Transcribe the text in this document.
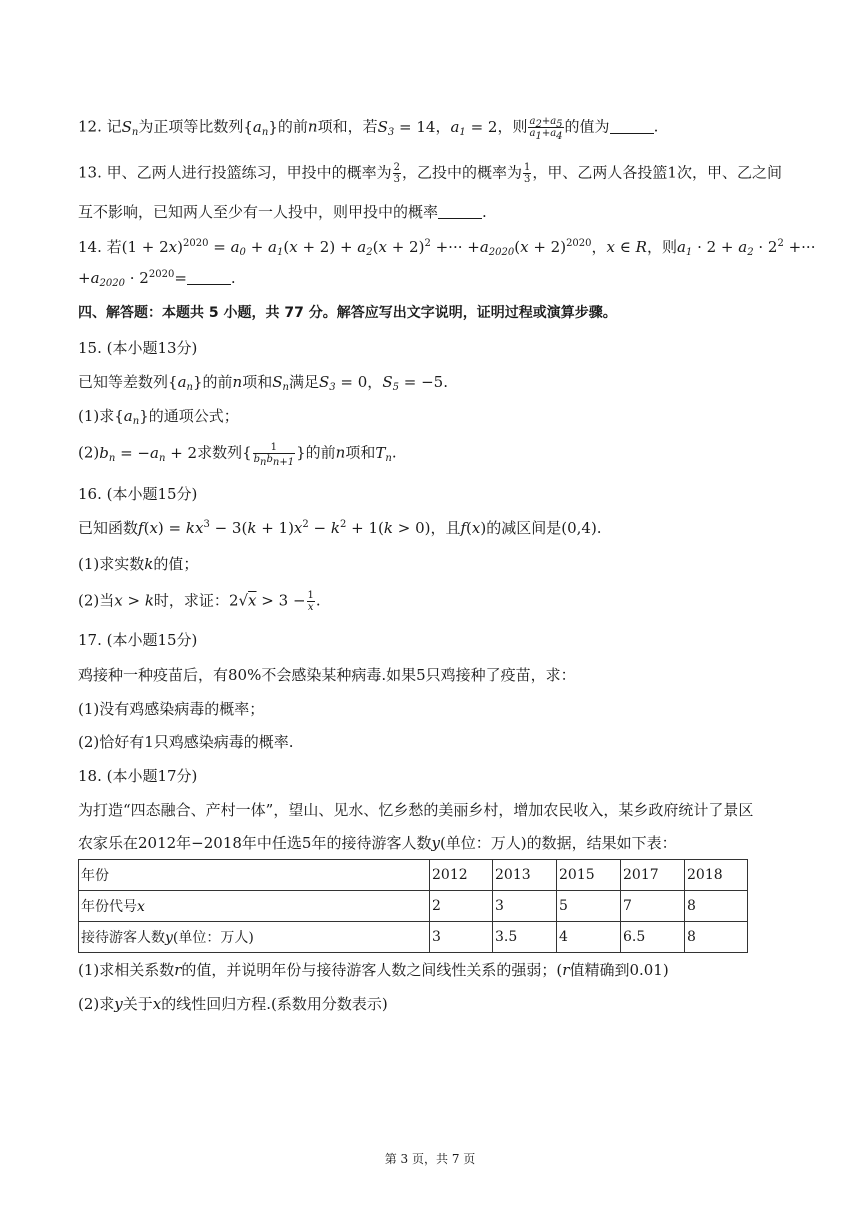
12. 记$S_n$为正项等比数列$\{a_n\}$的前n项和，若$S_3 = 14$，$a_1 = 2$，则 $\frac{a_2+a_5}{a_1+a_4}$ 的值为	.
13. 甲、乙两人进行投篮练习，甲投中的概率为 $\frac{2}{3}$ ，乙投中的概率为 $\frac{1}{3}$ ，甲、乙两人各投篮1次，甲、乙之间
互不影响，已知两人至少有一人投中，则甲投中的概率	.
14. 若$(1 + 2x)^{2020} = a_0 + a_1(x + 2) + a_2(x + 2)^2$ +··· $+a_{2020}(x + 2)^{2020}$，x ∈ R，则$a_1 \cdot 2 + a_2 \cdot 2^2$ +···
$+a_{2020} \cdot 2^{2020}=$	.
四、解答题：本题共 5 小题，共 77 分。解答应写出文字说明，证明过程或演算步骤。
15. (本小题13分)
已知等差数列$\{a_n\}$的前n项和$S_n$满足$S_3 = 0$，$S_5 = -5$.
(1)求$\{a_n\}$的通项公式；
$(2)b_n = -a_n + 2$求数列{ $\frac{1}{b_nb_{n+1}}$ }的前n项和$T_n$.
16. (本小题15分)
已知函数$f(x) = kx^3 - 3(k + 1)x^2 - k^2 + 1(k > 0)$，且f(x)的减区间是(0,4).
(1)求实数k的值；
(2)当x > k时，求证：$2√x > 3 - \frac{1}{x}$ .
17. (本小题15分)
鸡接种一种疫苗后，有80%不会感染某种病毒.如果5只鸡接种了疫苗，求：
(1)没有鸡感染病毒的概率；
(2)恰好有1只鸡感染病毒的概率.
18. (本小题17分)
为打造“四态融合、产村一体”，望山、见水、忆乡愁的美丽乡村，增加农民收入，某乡政府统计了景区
农家乐在2012年−2018年中任选5年的接待游客人数y(单位：万人)的数据，结果如下表：
年份	2012	2013	2015	2017	2018
年份代号x	2	3	5	7	8
接待游客人数y(单位：万人)	3	3.5	4	6.5	8
(1)求相关系数r的值，并说明年份与接待游客人数之间线性关系的强弱；(r值精确到0.01)
(2)求y关于x的线性回归方程.(系数用分数表示)
第 3 页，共 7 页
